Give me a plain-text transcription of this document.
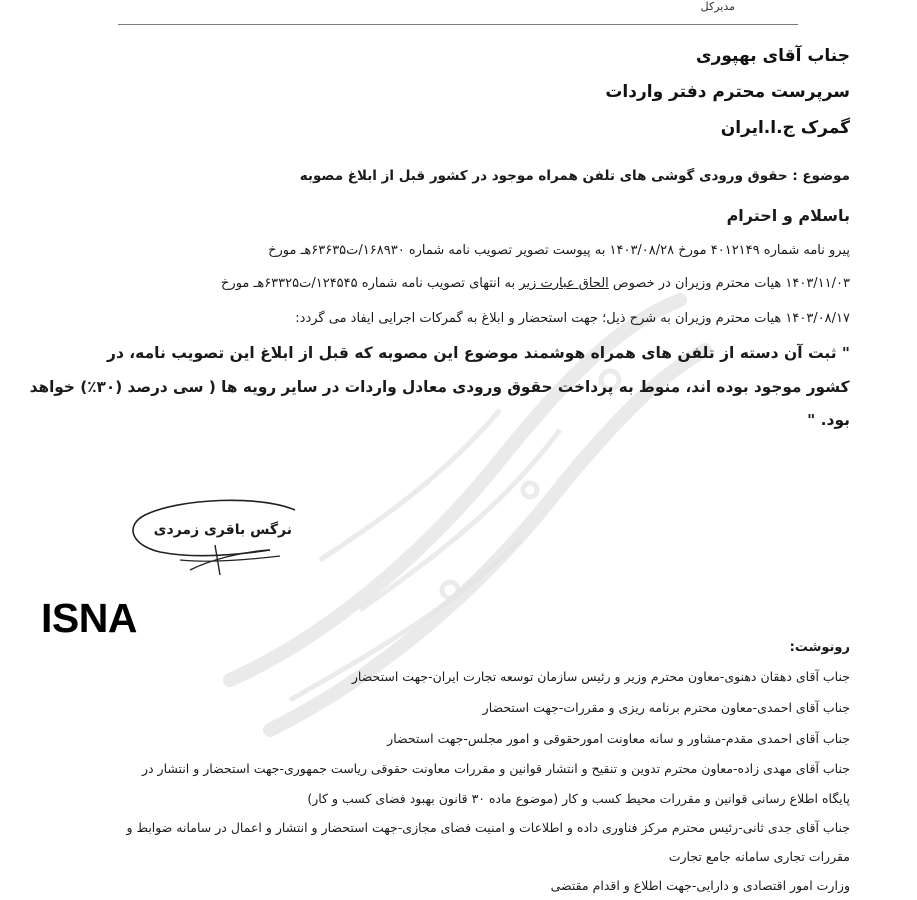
مدیرکل
جناب آقای بهپوری
سرپرست محترم دفتر واردات
گمرک ج.ا.ایران
موضوع : حقوق ورودی گوشی های تلفن همراه موجود در کشور قبل از ابلاغ مصوبه
باسلام و احترام
پیرو نامه شماره ۴۰۱۲۱۴۹ مورخ ۱۴۰۳/۰۸/۲۸ به پیوست تصویر تصویب نامه شماره ۱۶۸۹۳۰/ت۶۳۶۳۵هـ مورخ
۱۴۰۳/۱۱/۰۳ هیات محترم وزیران در خصوص الحاق عبارت زیر به انتهای تصویب نامه شماره ۱۲۴۵۴۵/ت۶۳۳۲۵هـ مورخ
۱۴۰۳/۰۸/۱۷ هیات محترم وزیران به شرح ذیل؛ جهت استحضار و ابلاغ به گمرکات اجرایی ایفاد می گردد:
" ثبت آن دسته از تلفن های همراه هوشمند موضوع این مصوبه که قبل از ابلاغ این تصویب نامه، در
کشور موجود بوده اند، منوط به پرداخت حقوق ورودی معادل واردات در سایر رویه ها ( سی درصد (۳۰٪) خواهد
بود. "
نرگس باقری زمردی
ISNA
رونوشت:
جناب آقای دهقان دهنوی-معاون محترم وزیر و رئیس سازمان توسعه تجارت ایران-جهت استحضار
جناب آقای احمدی-معاون محترم برنامه ریزی و مقررات-جهت استحضار
جناب آقای احمدی مقدم-مشاور و سانه معاونت امورحقوقی و امور مجلس-جهت استحضار
جناب آقای مهدی زاده-معاون محترم تدوین و تنقیح و انتشار قوانین و مقررات معاونت حقوقی ریاست جمهوری-جهت استحضار و انتشار در
پایگاه اطلاع رسانی قوانین و مقررات محیط کسب و کار (موضوع ماده ۳۰ قانون بهبود فضای کسب و کار)
جناب آقای جدی ثانی-رئیس محترم مرکز فناوری داده و اطلاعات و امنیت فضای مجازی-جهت استحضار و انتشار و اعمال در سامانه ضوابط و
مقررات تجاری سامانه جامع تجارت
وزارت امور اقتصادی و دارایی-جهت اطلاع و اقدام مقتضی
